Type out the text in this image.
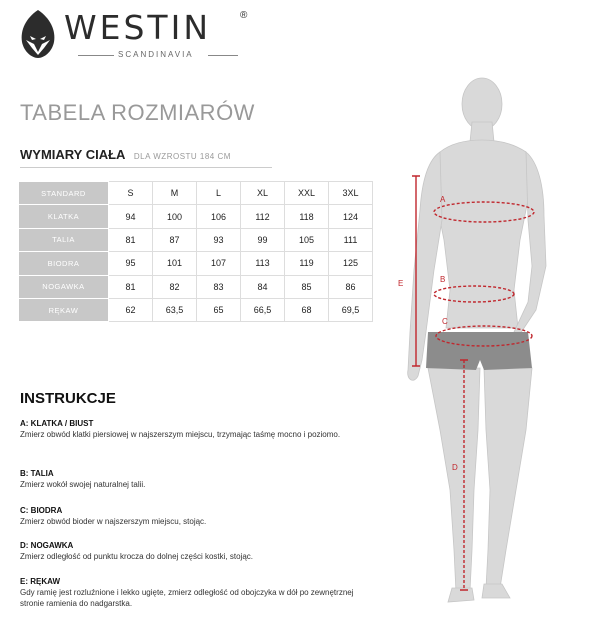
WESTIN	®
SCANDINAVIA
TABELA ROZMIARÓW
WYMIARY CIAŁA DLA WZROSTU 184 CM
STANDARD	S	M	L	XL	XXL	3XL
KLATKA	94	100	106	112	118	124
TALIA	81	87	93	99	105	111
BIODRA	95	101	107	113	119	125
NOGAWKA	81	82	83	84	85	86
RĘKAW	62	63,5	65	66,5	68	69,5
INSTRUKCJE
A: KLATKA / BIUST
Zmierz obwód klatki piersiowej w najszerszym miejscu, trzymając taśmę mocno i poziomo.
B: TALIA
Zmierz wokół swojej naturalnej talii.
C: BIODRA
Zmierz obwód bioder w najszerszym miejscu, stojąc.
D: NOGAWKA
Zmierz odległość od punktu krocza do dolnej części kostki, stojąc.
E: RĘKAW
Gdy ramię jest rozluźnione i lekko ugięte, zmierz odległość od obojczyka w dół po zewnętrznej stronie ramienia do nadgarstka.
A
B
C
D
E
